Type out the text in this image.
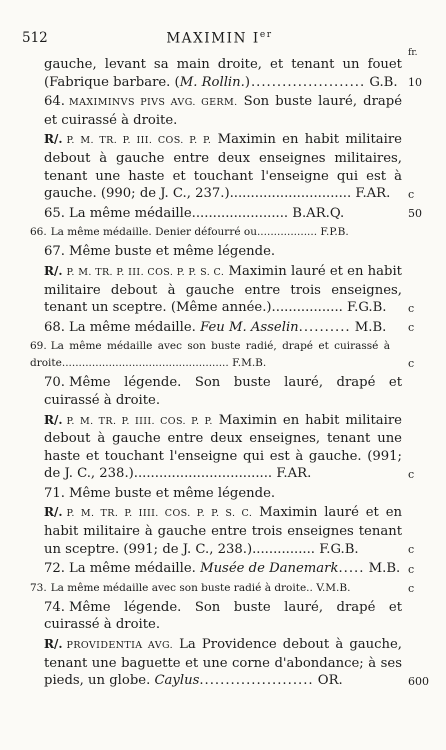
512	MAXIMIN Ier
fr.
gauche, levant sa main droite, et tenant un fouet (Fabrique barbare. (M. Rollin.)...................... G.B. 10
64. MAXIMINVS PIVS AVG. GERM. Son buste lauré, drapé et cuirassé à droite.
R/. P. M. TR. P. III. COS. P. P. Maximin en habit militaire debout à gauche entre deux enseignes militaires, tenant une haste et touchant l'enseigne qui est à gauche. (990; de J. C., 237.)............................. F.AR.	c
65. La même médaille....................... B.AR.Q.	50
66. La même médaille. Denier défourré ou.................. F.P.B.
67. Même buste et même légende.
R/. P. M. TR. P. III. COS. P. P. S. C. Maximin lauré et en habit militaire debout à gauche entre trois enseignes, tenant un sceptre. (Même année.)................. F.G.B.	c
68. La même médaille. Feu M. Asselin.......... M.B.	c
69. La même médaille avec son buste radié, drapé et cuirassé à droite.................................................. F.M.B.	c
70. Même légende. Son buste lauré, drapé et cuirassé à droite.
R/. P. M. TR. P. IIII. COS. P. P. Maximin en habit militaire debout à gauche entre deux enseignes, tenant une haste et touchant l'enseigne qui est à gauche. (991; de J. C., 238.)................................. F.AR.	c
71. Même buste et même légende.
R/. P. M. TR. P. IIII. COS. P. P. S. C. Maximin lauré et en habit militaire à gauche entre trois enseignes tenant un sceptre. (991; de J. C., 238.)............... F.G.B.	c
72. La même médaille. Musée de Danemark..... M.B. c
73. La même médaille avec son buste radié à droite.. V.M.B.	c
74. Même légende. Son buste lauré, drapé et cuirassé à droite.
R/. PROVIDENTIA AVG. La Providence debout à gauche, tenant une baguette et une corne d'abondance; à ses pieds, un globe. Caylus...................... OR.	600
